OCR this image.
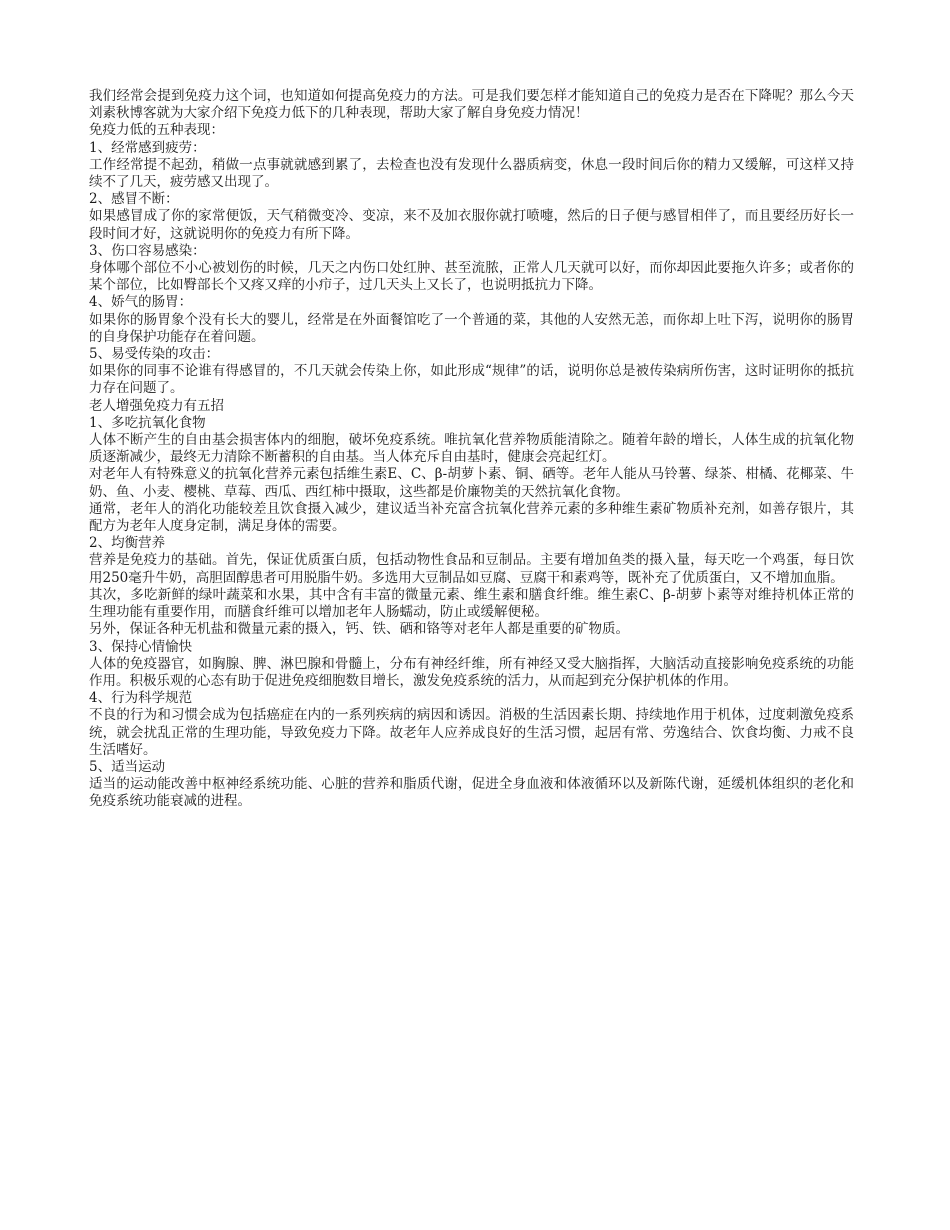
我们经常会提到免疫力这个词，也知道如何提高免疫力的方法。可是我们要怎样才能知道自己的免疫力是否在下降呢？那么今天刘素秋博客就为大家介绍下免疫力低下的几种表现，帮助大家了解自身免疫力情况！

免疫力低的五种表现：

1、经常感到疲劳：

工作经常提不起劲，稍做一点事就就感到累了，去检查也没有发现什么器质病变，休息一段时间后你的精力又缓解，可这样又持续不了几天，疲劳感又出现了。

2、感冒不断：

如果感冒成了你的家常便饭，天气稍微变冷、变凉，来不及加衣服你就打喷嚏，然后的日子便与感冒相伴了，而且要经历好长一段时间才好，这就说明你的免疫力有所下降。

3、伤口容易感染：

身体哪个部位不小心被划伤的时候，几天之内伤口处红肿、甚至流脓，正常人几天就可以好，而你却因此要拖久许多；或者你的某个部位，比如臀部长个又疼又痒的小疖子，过几天头上又长了，也说明抵抗力下降。

4、娇气的肠胃：

如果你的肠胃象个没有长大的婴儿，经常是在外面餐馆吃了一个普通的菜，其他的人安然无恙，而你却上吐下泻，说明你的肠胃的自身保护功能存在着问题。

5、易受传染的攻击：

如果你的同事不论谁有得感冒的，不几天就会传染上你，如此形成“规律”的话，说明你总是被传染病所伤害，这时证明你的抵抗力存在问题了。

老人增强免疫力有五招

1、多吃抗氧化食物

人体不断产生的自由基会损害体内的细胞，破坏免疫系统。唯抗氧化营养物质能清除之。随着年龄的增长，人体生成的抗氧化物质逐渐减少，最终无力清除不断蓄积的自由基。当人体充斥自由基时，健康会亮起红灯。

对老年人有特殊意义的抗氧化营养元素包括维生素E、C、β-胡萝卜素、铜、硒等。老年人能从马铃薯、绿茶、柑橘、花椰菜、牛奶、鱼、小麦、樱桃、草莓、西瓜、西红柿中摄取，这些都是价廉物美的天然抗氧化食物。

通常，老年人的消化功能较差且饮食摄入减少，建议适当补充富含抗氧化营养元素的多种维生素矿物质补充剂，如善存银片，其配方为老年人度身定制，满足身体的需要。

2、均衡营养

营养是免疫力的基础。首先，保证优质蛋白质，包括动物性食品和豆制品。主要有增加鱼类的摄入量，每天吃一个鸡蛋，每日饮用250毫升牛奶，高胆固醇患者可用脱脂牛奶。多选用大豆制品如豆腐、豆腐干和素鸡等，既补充了优质蛋白，又不增加血脂。

其次，多吃新鲜的绿叶蔬菜和水果，其中含有丰富的微量元素、维生素和膳食纤维。维生素C、β-胡萝卜素等对维持机体正常的生理功能有重要作用，而膳食纤维可以增加老年人肠蠕动，防止或缓解便秘。

另外，保证各种无机盐和微量元素的摄入，钙、铁、硒和铬等对老年人都是重要的矿物质。

3、保持心情愉快

人体的免疫器官，如胸腺、脾、淋巴腺和骨髓上，分布有神经纤维，所有神经又受大脑指挥，大脑活动直接影响免疫系统的功能作用。积极乐观的心态有助于促进免疫细胞数目增长，激发免疫系统的活力，从而起到充分保护机体的作用。

4、行为科学规范

不良的行为和习惯会成为包括癌症在内的一系列疾病的病因和诱因。消极的生活因素长期、持续地作用于机体，过度刺激免疫系统，就会扰乱正常的生理功能，导致免疫力下降。故老年人应养成良好的生活习惯，起居有常、劳逸结合、饮食均衡、力戒不良生活嗜好。

5、适当运动

适当的运动能改善中枢神经系统功能、心脏的营养和脂质代谢，促进全身血液和体液循环以及新陈代谢，延缓机体组织的老化和免疫系统功能衰减的进程。
